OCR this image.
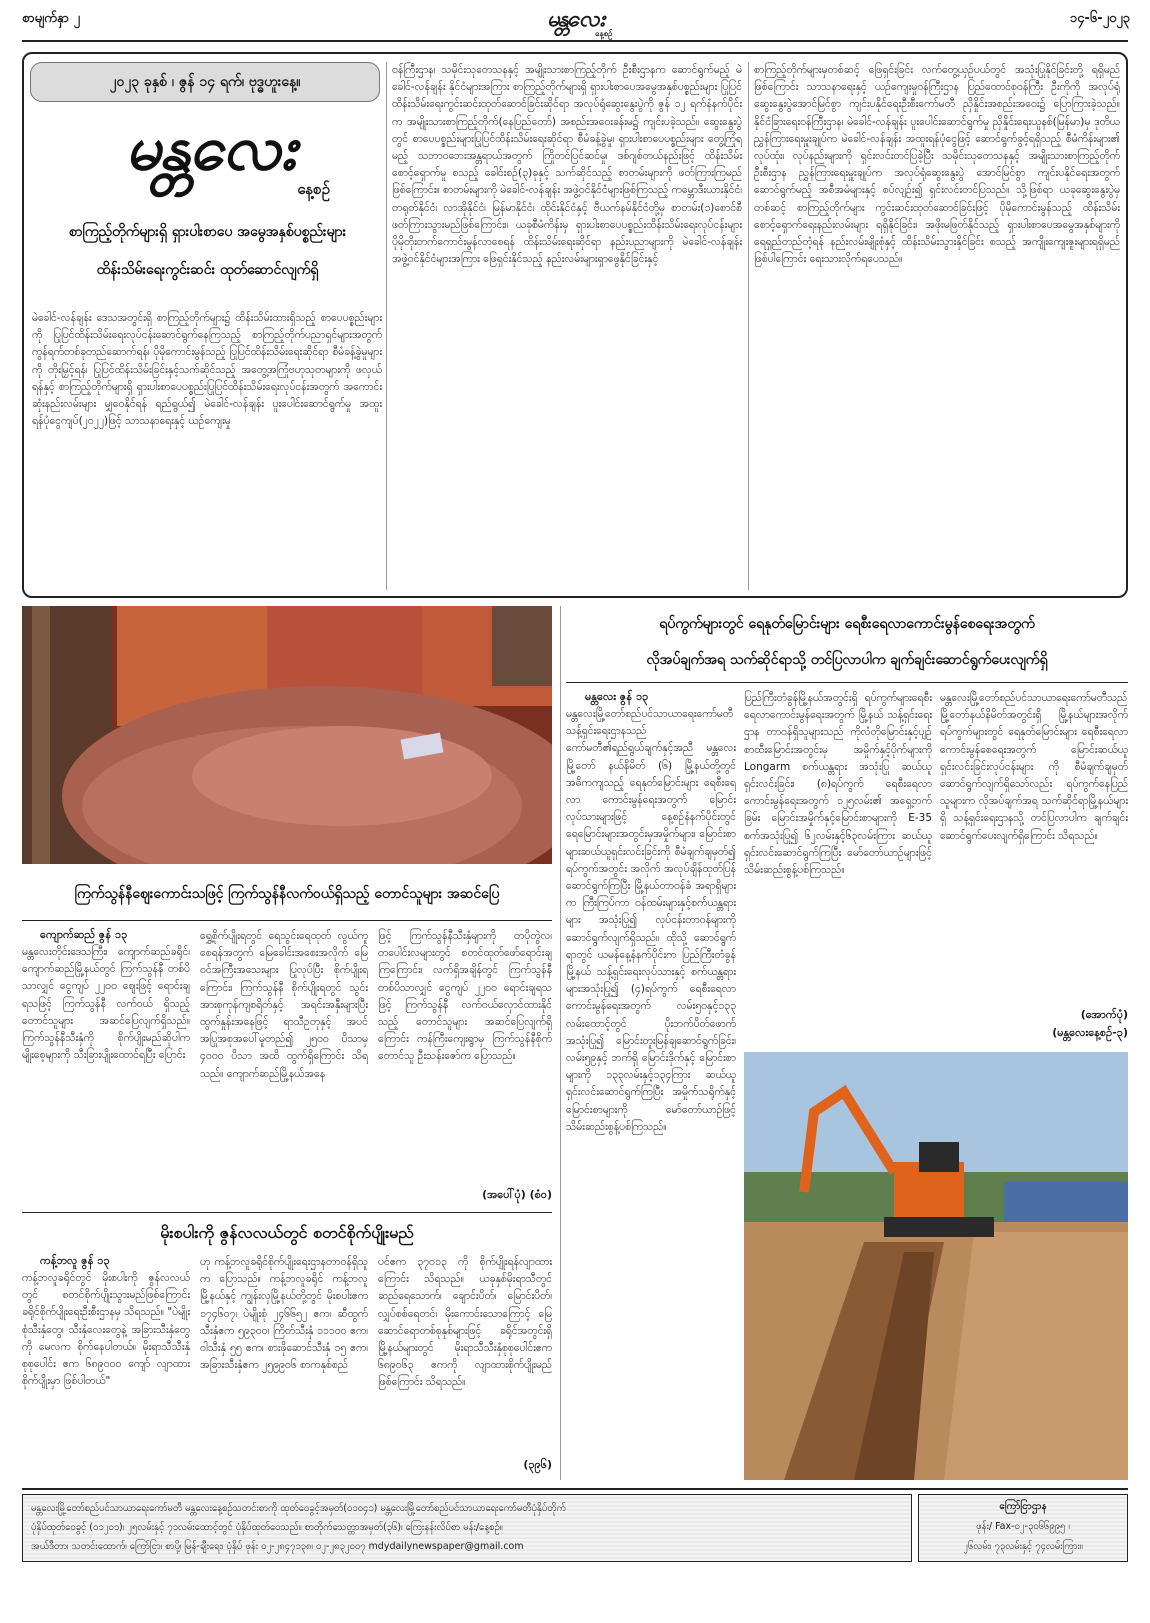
စာမျက်နှာ ၂	မန္တလေး
နေ့စဉ်
၁၄-၆-၂၀၂၃
၂၀၂၃ ခုနှစ် ၊ ဇွန် ၁၄ ရက်၊ ဗုဒ္ဓဟူးနေ့။
မန္တလေး
နေ့စဉ်
စာကြည့်တိုက်များရှိ ရှားပါးစာပေ အမွေအနှစ်ပစ္စည်းများ
ထိန်းသိမ်းရေးကွင်းဆင်း ထုတ်ဆောင်လျက်ရှိ
မဲခေါင်-လန်ချန်း ဒေသအတွင်းရှိ စာကြည့်တိုက်များ၌ ထိန်းသိမ်းထားရှိသည့် စာပေပစ္စည်းများကို ပြုပြင်ထိန်းသိမ်းရေးလုပ်ငန်းဆောင်ရွက်နေကြသည့် စာကြည့်တိုက်ပညာရှင်များအတွက် ကွန်ရက်တစ်ခုတည်ဆောက်ရန်၊ ပိုမိုကောင်းမွန်သည့် ပြုပြင်ထိန်းသိမ်းရေးဆိုင်ရာ စီမံခန့်ခွဲမှုများကို တိုးမြှင့်ရန်၊ ပြုပြင်ထိန်းသိမ်းခြင်းနှင့်သက်ဆိုင်သည့် အတွေ့အကြုံဗဟုသုတများကို ဖလှယ်ရန်နှင့် စာကြည့်တိုက်များရှိ ရှားပါးစာပေပစ္စည်းပြုပြင်ထိန်းသိမ်းရေးလုပ်ငန်းအတွက် အကောင်းဆုံးနည်းလမ်းများ မျှဝေနိုင်ရန် ရည်ရွယ်၍ မဲခေါင်-လန်ချန်း ပူးပေါင်းဆောင်ရွက်မှု အထူးရန်ပုံငွေကျပ်(၂၀၂၂)ဖြင့် သာသနာရေးနှင့် ယဉ်ကျေးမှု
ဝန်ကြီးဌာန၊ သမိုင်းသုတေသနနှင့် အမျိုးသားစာကြည့်တိုက် ဦးစီးဌာနက ဆောင်ရွက်မည့် မဲခေါင်-လန်ချန်း နိုင်ငံများအကြား စာကြည့်တိုက်များရှိ ရှားပါးစာပေအမွေအနှစ်ပစ္စည်းများ ပြုပြင်ထိန်းသိမ်းရေးကွင်းဆင်းထုတ်ဆောင်ခြင်းဆိုင်ရာ အလုပ်ရုံဆွေးနွေးပွဲကို ဇွန် ၁၂ ရက်နံနက်ပိုင်းက အမျိုးသားစာကြည့်တိုက်(နေပြည်တော်) အစည်းအဝေးခန်းမ၌ ကျင်းပခဲ့သည်။ ဆွေးနွေးပွဲတွင် စာပေပစ္စည်းများပြုပြင်ထိန်းသိမ်းရေးဆိုင်ရာ စီမံခန့်ခွဲမှု၊ ရှားပါးစာပေပစ္စည်းများ တွေ့ကြုံရမည့် သဘာဝဘေးအန္တရာယ်အတွက် ကြိုတင်ပြင်ဆင်မှု၊ ဒစ်ဂျစ်တယ်နည်းဖြင့် ထိန်းသိမ်းစောင့်ရှောက်မှု စသည့် ခေါင်းစဉ်(၃)ခုနှင့် သက်ဆိုင်သည့် စာတမ်းများကို ဖတ်ကြားကြမည်ဖြစ်ကြောင်း။ စာတမ်းများကို မဲခေါင်-လန်ချန်း အဖွဲ့ဝင်နိုင်ငံများဖြစ်ကြသည့် ကမ္ဘောဒီးယားနိုင်ငံ၊ တရုတ်နိုင်ငံ၊ လာအိုနိုင်ငံ၊ မြန်မာနိုင်ငံ၊ ထိုင်းနိုင်ငံနှင့် ဗီယက်နမ်နိုင်ငံတို့မှ စာတမ်း(၁)စောင်စီ ဖတ်ကြားသွားမည်ဖြစ်ကြောင်း။ ယခုစီမံကိန်းမှ ရှားပါးစာပေပစ္စည်းထိန်းသိမ်းရေးလုပ်ငန်းများ ပိုမိုတိုးတက်ကောင်းမွန်လာစေရန် ထိန်းသိမ်းရေးဆိုင်ရာ နည်းပညာများကို မဲခေါင်-လန်ချန်း အဖွဲ့ဝင်နိုင်ငံများအကြား ဖြေရှင်းနိုင်သည့် နည်းလမ်းများရှာဖွေနိုင်ခြင်းနှင့်
စာကြည့်တိုက်များမှတစ်ဆင့် ဖြေရှင်းခြင်း လက်တွေ့ယှဉ်ပယ်တွင် အသုံးပြုနိုင်ခြင်းတို့ ရရှိမည်ဖြစ်ကြောင်း သာသနာရေးနှင့် ယဉ်ကျေးမှုဝန်ကြီးဌာန ပြည်ထောင်စုဝန်ကြီး ဦးကိုကို အလုပ်ရုံဆွေးနွေးပွဲအောင်မြင်စွာ ကျင်းပနိုင်ရေးဦးစီးကော်မတီ ညှိနှိုင်းအစည်းအဝေး၌ ပြောကြားခဲ့သည်။ နိုင်ငံခြားရေးဝန်ကြီးဌာန၊ မဲခေါင်-လန်ချန်း ပူးပေါင်းဆောင်ရွက်မှု ညှိနှိုင်းရေးယူနစ်(မြန်မာ)မှ ဒုတိယညွှန်ကြားရေးမှူးချုပ်က မဲခေါင်-လန်ချန်း အထူးရန်ပုံငွေဖြင့် ဆောင်ရွက်ခွင့်ရရှိသည့် စီမံကိန်းများ၏ လုပ်ထုံး၊ လုပ်နည်းများကို ရှင်းလင်းတင်ပြခဲ့ပြီး သမိုင်းသုတေသနနှင့် အမျိုးသားစာကြည့်တိုက်ဦးစီးဌာန ညွှန်ကြားရေးမှူးချုပ်က အလုပ်ရုံဆွေးနွေးပွဲ အောင်မြင်စွာ ကျင်းပနိုင်ရေးအတွက် ဆောင်ရွက်မည့် အစီအမံများနှင့် စပ်လျဉ်း၍ ရှင်းလင်းတင်ပြသည်။ သို့ဖြစ်ရာ ယခုဆွေးနွေးပွဲမှတစ်ဆင့် စာကြည့်တိုက်များ ကွင်းဆင်းထုတ်ဆောင်ခြင်းဖြင့် ပိုမိုကောင်းမွန်သည့် ထိန်းသိမ်းစောင့်ရှောက်ရေးနည်းလမ်းများ ရရှိနိုင်ခြင်း၊ အဖိုးမဖြတ်နိုင်သည့် ရှားပါးစာပေအမွေအနှစ်များကို ရေရှည်တည်တံ့ရန် နည်းလမ်းမျိုးစုံနှင့် ထိန်းသိမ်းသွားနိုင်ခြင်း စသည့် အကျိုးကျေးဇူးများရရှိမည်ဖြစ်ပါကြောင်း ရေးသားလိုက်ရပေသည်။
ကြက်သွန်နီဈေးကောင်းသဖြင့် ကြက်သွန်နီလက်ဝယ်ရှိသည့် တောင်သူများ အဆင်ပြေ
ကျောက်ဆည် ဇွန် ၁၃
မန္တလေးတိုင်းဒေသကြီး၊ ကျောက်ဆည်ခရိုင်၊ ကျောက်ဆည်မြို့နယ်တွင် ကြက်သွန်နီ တစ်ပိသာလျှင် ငွေကျပ် ၂၂၀၀ ဈေးဖြင့် ရောင်းချရသဖြင့် ကြက်သွန်နီ လက်ဝယ် ရှိသည့် တောင်သူများ အဆင်ပြေလျက်ရှိသည်။ ကြက်သွန်နီသီးနှံကို စိုက်ပျိုးမည်ဆိုပါက မျိုးစေ့များကို သီးခြားပျိုးထောင်ရပြီး ပြောင်း
ရွှေ့စိုက်ပျိုးရတွင် ရေသွင်းရေထုတ် လွယ်ကူစေရန်အတွက် မြေခေါင်းအစေးအလိုက် မြေဝင်အကြီးအသေးများ ပြုလုပ်ပြီး စိုက်ပျိုးရကြောင်း၊ ကြက်သွန်နီ စိုက်ပျိုးရတွင် သွင်းအားစုကုန်ကျစရိတ်နှင့် အရင်းအနှီးများပြီး ထွက်နှုန်းအနေဖြင့် ရာသီဥတုနှင့် အပင်အပြုအစုအပေါ်မူတည်၍ ၂၅၀၀ ပိသာမှ ၄၀၀၀ ပိသာ အထိ ထွက်ရှိကြောင်း သိရသည်။ ကျောက်ဆည်မြို့နယ်အနေ
ဖြင့် ကြက်သွန်နီသီးနှံများကို တပိုတွဲလ၊ တပေါင်းလများတွင် စတင်ထုတ်ဖော်ရောင်းချကြကြောင်း၊ လက်ရှိအချိန်တွင် ကြက်သွန်နီ တစ်ပိသာလျှင် ငွေကျပ် ၂၂၀၀ ရောင်းချရသဖြင့် ကြက်သွန်နီ လက်ဝယ်လှောင်ထားနိုင်သည့် တောင်သူများ အဆင်ပြေလျက်ရှိကြောင်း ကန်ကြီးကျေးရွာမှ ကြက်သွန်နီစိုက် တောင်သူ ဦးသန်းဇော်က ပြောသည်။
(အပေါ်ပုံ) (စံဝ)
မိုးစပါးကို ဇွန်လလယ်တွင် စတင်စိုက်ပျိုးမည်
ကန့်ဘလူ ဇွန် ၁၃
ကန့်ဘလူခရိုင်တွင် မိုးစပါးကို ဇွန်လလယ်တွင် စတင်စိုက်ပျိုးသွားမည်ဖြစ်ကြောင်း ခရိုင်စိုက်ပျိုးရေးဦးစီးဌာနမှ သိရသည်။ "ပဲမျိုးစုံသီးနှံတွေ၊ သီးနှံလေးတွေနဲ့ အခြားသီးနှံတွေကို မေလက စိုက်နေပါတယ်။ မိုးရာသီသီးနှံစုစုပေါင်း ဧက ၆၈၉၀၀၀ ကျော် လျာထားစိုက်ပျိုးမှာ ဖြစ်ပါတယ်"
ဟု ကန့်ဘလူခရိုင်စိုက်ပျိုးရေးဌာနတာဝန်ရှိသူက ပြောသည်။ ကန့်ဘလူခရိုင် ကန့်ဘလူမြို့နယ်နှင့် ကျွန်းလှမြို့နယ်တို့တွင် မိုးစပါးဧက ၁၇၄၆၀၇၊ ပဲမျိုးစုံ ၂၄၆၆၅၂ ဧက၊ ဆီထွက်သီးနှံဧက ၅၉၃၀၀၊ ကြိတ်သီးနှံ ၁၁၁၀၀ ဧက၊ ဝါသီးနှံ ၅၅ ဧက၊ စားဖိုဆောင်သီးနှံ ၁၅ ဧက၊ အခြားသီးနှံဧက ၂၅၉၉၀၆ စာကနုစ်စည်
ပင်ဧက ၃၇၀၁၃ ကို စိုက်ပျိုးရန်လျာထားကြောင်း သိရသည်။ ယခုနှစ်မိုးရာသီတွင် ဆည်ရေသောက်၊ ချောင်းပိတ်၊ မြောင်းပိတ်၊ လျှပ်စစ်ရေတင်၊ မိုးကောင်းသောကြောင့် မြေဆောင်ရောတစ်စုနုစ်များဖြင့် ခရိုင်အတွင်းရှိ မြို့နယ်များတွင် မိုးရာသီသီးနှံစုစုပေါင်းဧက ၆၈၉၀၆၃ ဧကကို လျာထားစိုက်ပျိုးမည်ဖြစ်ကြောင်း သိရသည်။
(၃၉၆)
ရပ်ကွက်များတွင် ရေနုတ်မြောင်းများ ရေစီးရေလာကောင်းမွန်စေရေးအတွက်
လိုအပ်ချက်အရ သက်ဆိုင်ရာသို့ တင်ပြလာပါက ချက်ချင်းဆောင်ရွက်ပေးလျက်ရှိ
မန္တလေး ဇွန် ၁၃
မန္တလေးမြို့တော်စည်ပင်သာယာရေးကော်မတီ သန့်ရှင်းရေးဌာနသည် ကော်မတီ၏ရည်ရွယ်ချက်နှင့်အညီ မန္တလေးမြို့တော် နယ်နိမိတ် (၆) မြို့နယ်တို့တွင် အဓိကကျသည့် ရေနုတ်မြောင်းများ ရေစီးရေလာ ကောင်းမွန်ရေးအတွက် မြောင်းလုပ်သားများဖြင့် နေ့စဉ်နံနက်ပိုင်းတွင် ရေမြောင်းများအတွင်းမှအမှိုက်များ၊ မြောင်းစာများဆယ်ယူရှင်းလင်းခြင်းကို စီမံချက်ချမှတ်၍ ရပ်ကွက်အတွင်း အလိုက် အလုပ်ချိန်ထုတ်ပြန်ဆောင်ရွက်ကြပြီး မြို့နယ်တာဝန်ခံ အရာရှိများက ကြီးကြပ်ကာ ဝန်ထမ်းများနှင့်စက်ယန္တရားများ အသုံးပြု၍ လုပ်ငန်းတာဝန်များကို ဆောင်ရွက်လျက်ရှိသည်။ ထိုသို့ ဆောင်ရွက်ရာတွင် ယမန်နေ့နံနက်ပိုင်းက ပြည်ကြီးတံခွန်မြို့နယ် သန့်ရှင်းရေးလုပ်သားနှင့် စက်ယန္တရားများအသုံးပြု၍ (၄)ရပ်ကွက် ရေစီးရေလာကောင်းမွန်ရေးအတွက် လမ်း၅၀နှင့်၁၃၃ လမ်းထောင့်တွင် ပိုးဘက်ပိတ်ဖောက်အသုံးပြု၍ မြောင်းတူးမြန်ချဆောင်ရွက်ခြင်း၊ လမ်း၅၉နှင့် ဘက်ရှိ မြောင်းဒိုက်နှင့် မြောင်းစာများကို ၁၃၃လမ်းနှင့်၁၃၄ကြား ဆယ်ယူရှင်းလင်းဆောင်ရွက်ကြပြီး အမှိုက်သရိုက်နှင့်မြောင်းစာများကို မော်တော်ယာဉ်ဖြင့် သိမ်းဆည်းစွန့်ပစ်ကြသည်။
ပြည်ကြီးတံခွန်မြို့နယ်အတွင်းရှိ ရပ်ကွက်များရေစီးရေလာကောင်းမွန်ရေးအတွက် မြို့နယ် သန့်ရှင်းရေးဌာန တာဝန်ရှိသူများသည် ကိုလံတိုမြောင်းနှင့်ပျဉ်စာထီးမြောင်းအတွင်းမှ အမှိုက်နှင့်ပိုက်များကို Longarm စက်ယန္တရား အသုံးပြု ဆယ်ယူရှင်းလင်းခြင်း၊ (၈)ရပ်ကွက် ရေစီးရေလာကောင်းမွန်ရေးအတွက် ၁၂၅လမ်း၏ အရှေ့ဘက်ခြမ်း မြောင်းအမှိုက်နှင့်မြောင်းစာများကို E-35 စက်အသုံးပြု၍ ၆၂လမ်းနှင့်၆၃လမ်းကြား ဆယ်ယူရှင်းလင်းဆောင်ရွက်ကြပြီး မော်တော်ယာဉ်များဖြင့် သိမ်းဆည်းစွန့်ပစ်ကြသည်။
မန္တလေးမြို့တော်စည်ပင်သာယာရေးကော်မတီသည် မြို့တော်နယ်နိမိတ်အတွင်းရှိ မြို့နယ်များအလိုက် ရပ်ကွက်များတွင် ရေနုတ်မြောင်းများ ရေစီးရေလာကောင်းမွန်စေရေးအတွက် မြောင်းဆယ်ယူရှင်းလင်းခြင်းလုပ်ငန်းများ ကို စီမံချက်ချမှတ်ဆောင်ရွက်လျက်ရှိသော်လည်း ရပ်ကွက်နေပြည်သူများက လိုအပ်ချက်အရ သက်ဆိုင်ရာမြို့နယ်များရှိ သန့်ရှင်းရေးဌာနသို့ တင်ပြလာပါက ချက်ချင်း ဆောင်ရွက်ပေးလျက်ရှိကြောင်း သိရသည်။
(အောက်ပုံ)
(မန္တလေးနေ့စဉ်-၃)
မန္တလေးမြို့တော်စည်ပင်သာယာရေးကော်မတီ မန္တလေးနေ့စဉ်သတင်းစာကို ထုတ်ဝေခွင့်အမှတ်(၀၁၀၄၁) မန္တလေးမြို့တော်စည်ပင်သာယာရေးကော်မတီပုံနှိပ်တိုက်
ပုံနှိပ်ထုတ်ဝေခွင့် (၀၁၂၀၁)၊ ၂၅လမ်းနှင့် ၇၁လမ်းထောင့်တွင် ပုံနှိပ်ထုတ်ဝေသည်။ စာတိုက်သေတ္တာအမှတ်(၃၆)၊ ကြေးနန်းလိပ်စာ မန်း/နေ့စဉ်။
အယ်ဒီတာ၊ သတင်းထောက်၊ ကြော်ငြာ၊ စာပို့၊ မြန်-ချီးရေး၊ ပုံနှိပ် ဖုန်း ၀၂-၂၈၄၇၁၃၈၊ ၀၂-၂၈၃၂၀၀၇ mdydailynewspaper@gmail.com
ကြော်ငြာဌာန
ဖုန်း/ Fax-၀၂-၃၀၆၆၉၉၅ ၊
၂၆လမ်း၊ ၇၃လမ်းနှင့် ၇၄လမ်းကြား။
